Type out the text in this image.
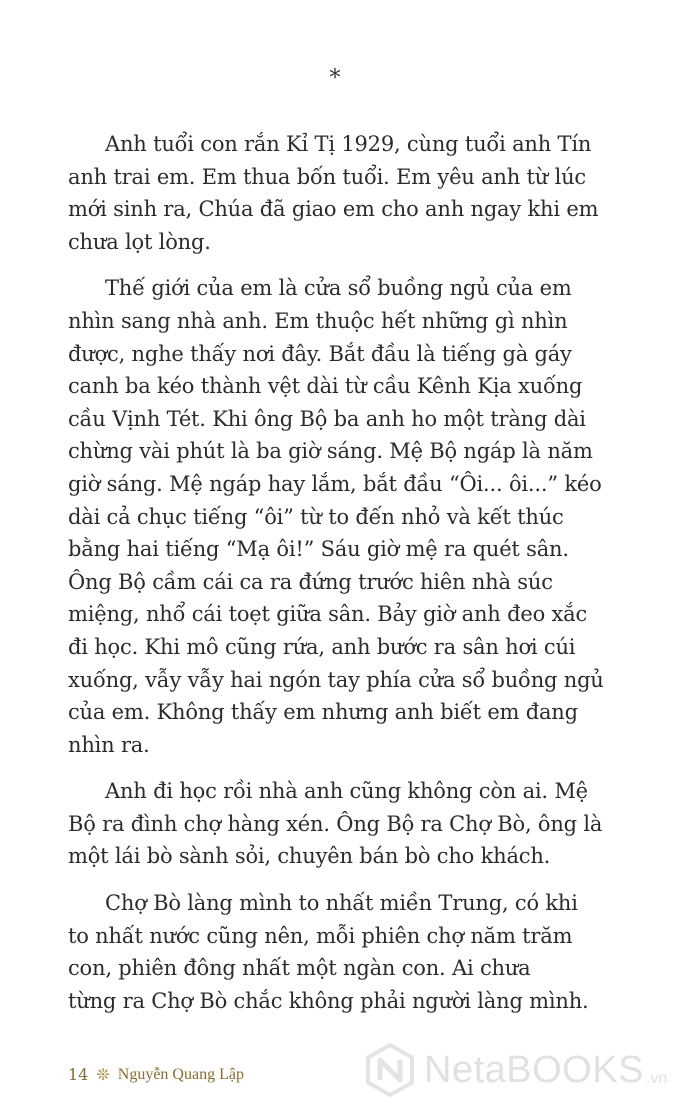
*
Anh tuổi con rắn Kỉ Tị 1929, cùng tuổi anh Tín
anh trai em. Em thua bốn tuổi. Em yêu anh từ lúc
mới sinh ra, Chúa đã giao em cho anh ngay khi em
chưa lọt lòng.
Thế giới của em là cửa sổ buồng ngủ của em
nhìn sang nhà anh. Em thuộc hết những gì nhìn
được, nghe thấy nơi đây. Bắt đầu là tiếng gà gáy
canh ba kéo thành vệt dài từ cầu Kênh Kịa xuống
cầu Vịnh Tét. Khi ông Bộ ba anh ho một tràng dài
chừng vài phút là ba giờ sáng. Mệ Bộ ngáp là năm
giờ sáng. Mệ ngáp hay lắm, bắt đầu “Ôi... ôi...” kéo
dài cả chục tiếng “ôi” từ to đến nhỏ và kết thúc
bằng hai tiếng “Mạ ôi!” Sáu giờ mệ ra quét sân.
Ông Bộ cầm cái ca ra đứng trước hiên nhà súc
miệng, nhổ cái toẹt giữa sân. Bảy giờ anh đeo xắc
đi học. Khi mô cũng rứa, anh bước ra sân hơi cúi
xuống, vẫy vẫy hai ngón tay phía cửa sổ buồng ngủ
của em. Không thấy em nhưng anh biết em đang
nhìn ra.
Anh đi học rồi nhà anh cũng không còn ai. Mệ
Bộ ra đình chợ hàng xén. Ông Bộ ra Chợ Bò, ông là
một lái bò sành sỏi, chuyên bán bò cho khách.
Chợ Bò làng mình to nhất miền Trung, có khi
to nhất nước cũng nên, mỗi phiên chợ năm trăm
con, phiên đông nhất một ngàn con. Ai chưa
từng ra Chợ Bò chắc không phải người làng mình.
14 ❊ Nguyễn Quang Lập	NetaBOOKS .vn
